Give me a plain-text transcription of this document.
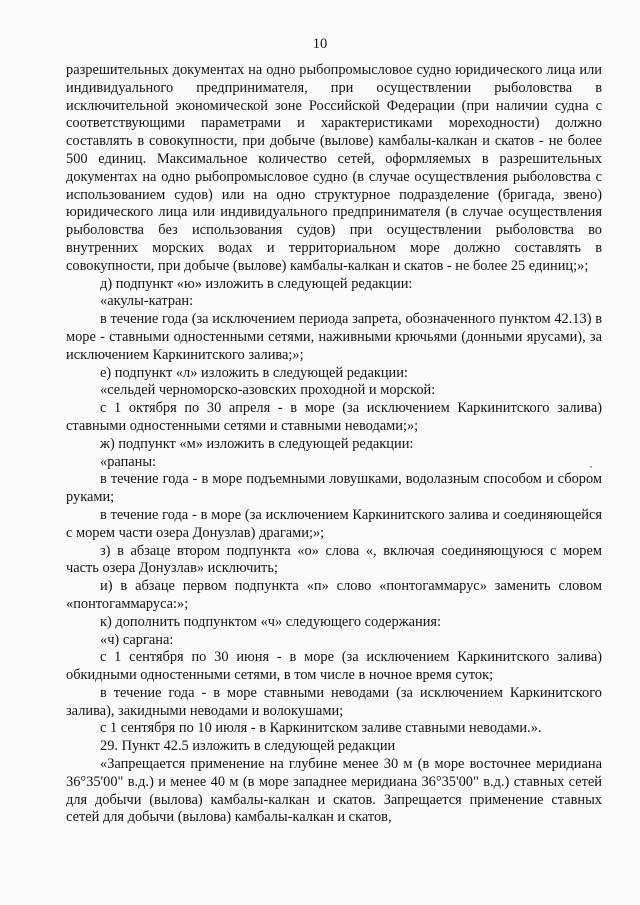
10

разрешительных документах на одно рыбопромысловое судно юридического лица или индивидуального предпринимателя, при осуществлении рыболовства в исключительной экономической зоне Российской Федерации (при наличии судна с соответствующими параметрами и характеристиками мореходности) должно составлять в совокупности, при добыче (вылове) камбалы-калкан и скатов - не более 500 единиц. Максимальное количество сетей, оформляемых в разрешительных документах на одно рыбопромысловое судно (в случае осуществления рыболовства с использованием судов) или на одно структурное подразделение (бригада, звено) юридического лица или индивидуального предпринимателя (в случае осуществления рыболовства без использования судов) при осуществлении рыболовства во внутренних морских водах и территориальном море должно составлять в совокупности, при добыче (вылове) камбалы-калкан и скатов - не более 25 единиц;»;

д) подпункт «ю» изложить в следующей редакции:

«акулы-катран:

в течение года (за исключением периода запрета, обозначенного пунктом 42.13) в море - ставными одностенными сетями, наживными крючьями (донными ярусами), за исключением Каркинитского залива;»;

е) подпункт «л» изложить в следующей редакции:

«сельдей черноморско-азовских проходной и морской:

с 1 октября по 30 апреля - в море (за исключением Каркинитского залива) ставными одностенными сетями и ставными неводами;»;

ж) подпункт «м» изложить в следующей редакции:

«рапаны:

в течение года - в море подъемными ловушками, водолазным способом и сбором руками;

в течение года - в море (за исключением Каркинитского залива и соединяющейся с морем части озера Донузлав) драгами;»;

з) в абзаце втором подпункта «о» слова «, включая соединяющуюся с морем часть озера Донузлав» исключить;

и) в абзаце первом подпункта «п» слово «понтогаммарус» заменить словом «понтогаммаруса:»;

к) дополнить подпунктом «ч» следующего содержания:

«ч) саргана:

с 1 сентября по 30 июня - в море (за исключением Каркинитского залива) обкидными одностенными сетями, в том числе в ночное время суток;

в течение года - в море ставными неводами (за исключением Каркинитского залива), закидными неводами и волокушами;

с 1 сентября по 10 июля - в Каркинитском заливе ставными неводами.».

29. Пункт 42.5 изложить в следующей редакции

«Запрещается применение на глубине менее 30 м (в море восточнее меридиана 36°35'00" в.д.) и менее 40 м (в море западнее меридиана 36°35'00" в.д.) ставных сетей для добычи (вылова) камбалы-калкан и скатов. Запрещается применение ставных сетей для добычи (вылова) камбалы-калкан и скатов,
